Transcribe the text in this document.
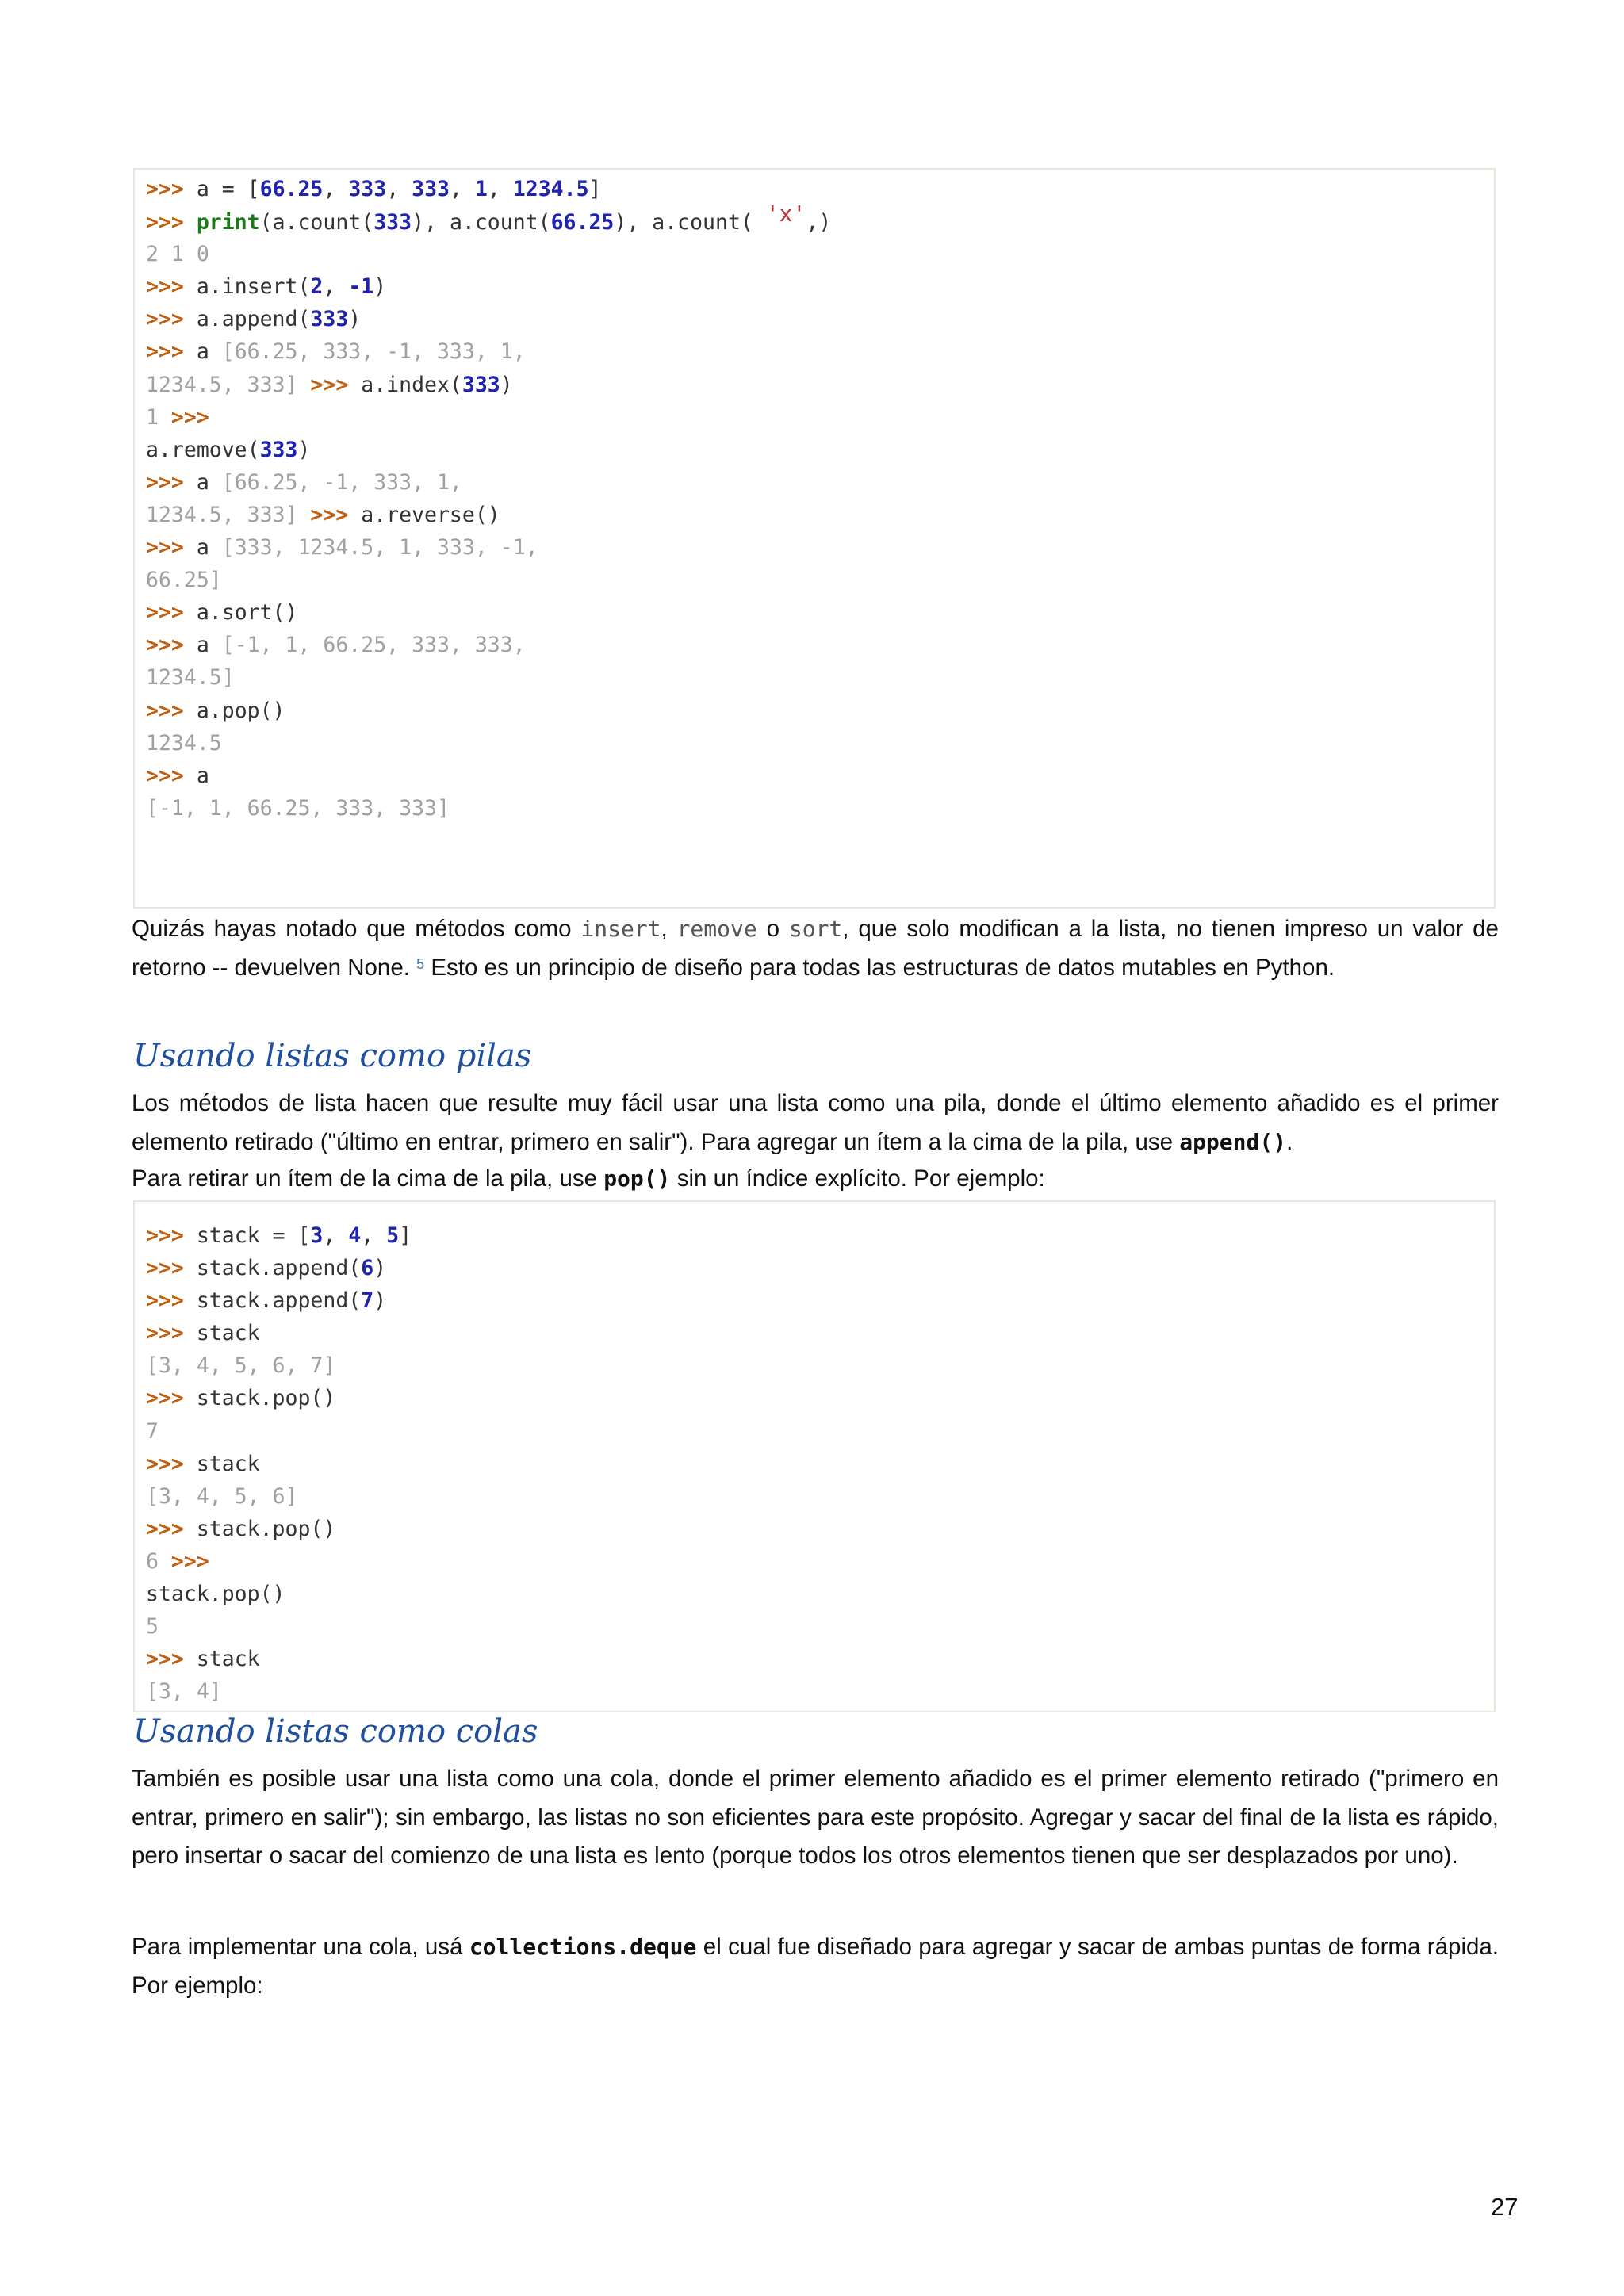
>>> a = [66.25, 333, 333, 1, 1234.5]
>>> print(a.count(333), a.count(66.25), a.count( 'x',)
2 1 0
>>> a.insert(2, -1)
>>> a.append(333)
>>> a [66.25, 333, -1, 333, 1,
1234.5, 333] >>> a.index(333)
1 >>>
a.remove(333)
>>> a [66.25, -1, 333, 1,
1234.5, 333] >>> a.reverse()
>>> a [333, 1234.5, 1, 333, -1,
66.25]
>>> a.sort()
>>> a [-1, 1, 66.25, 333, 333,
1234.5]
>>> a.pop()
1234.5
>>> a
[-1, 1, 66.25, 333, 333]
Quizás hayas notado que métodos como insert, remove o sort, que solo modifican a la lista, no tienen impreso un valor de retorno -- devuelven None. $^5$ Esto es un principio de diseño para todas las estructuras de datos mutables en Python.
Usando listas como pilas
Los métodos de lista hacen que resulte muy fácil usar una lista como una pila, donde el último elemento añadido es el primer elemento retirado ("último en entrar, primero en salir"). Para agregar un ítem a la cima de la pila, use append().
Para retirar un ítem de la cima de la pila, use pop() sin un índice explícito. Por ejemplo:
>>> stack = [3, 4, 5]
>>> stack.append(6)
>>> stack.append(7)
>>> stack
[3, 4, 5, 6, 7]
>>> stack.pop()
7
>>> stack
[3, 4, 5, 6]
>>> stack.pop()
6 >>>
stack.pop()
5
>>> stack
[3, 4]
Usando listas como colas
También es posible usar una lista como una cola, donde el primer elemento añadido es el primer elemento retirado ("primero en entrar, primero en salir"); sin embargo, las listas no son eficientes para este propósito. Agregar y sacar del final de la lista es rápido, pero insertar o sacar del comienzo de una lista es lento (porque todos los otros elementos tienen que ser desplazados por uno).
Para implementar una cola, usá collections.deque el cual fue diseñado para agregar y sacar de ambas puntas de forma rápida. Por ejemplo:
27
